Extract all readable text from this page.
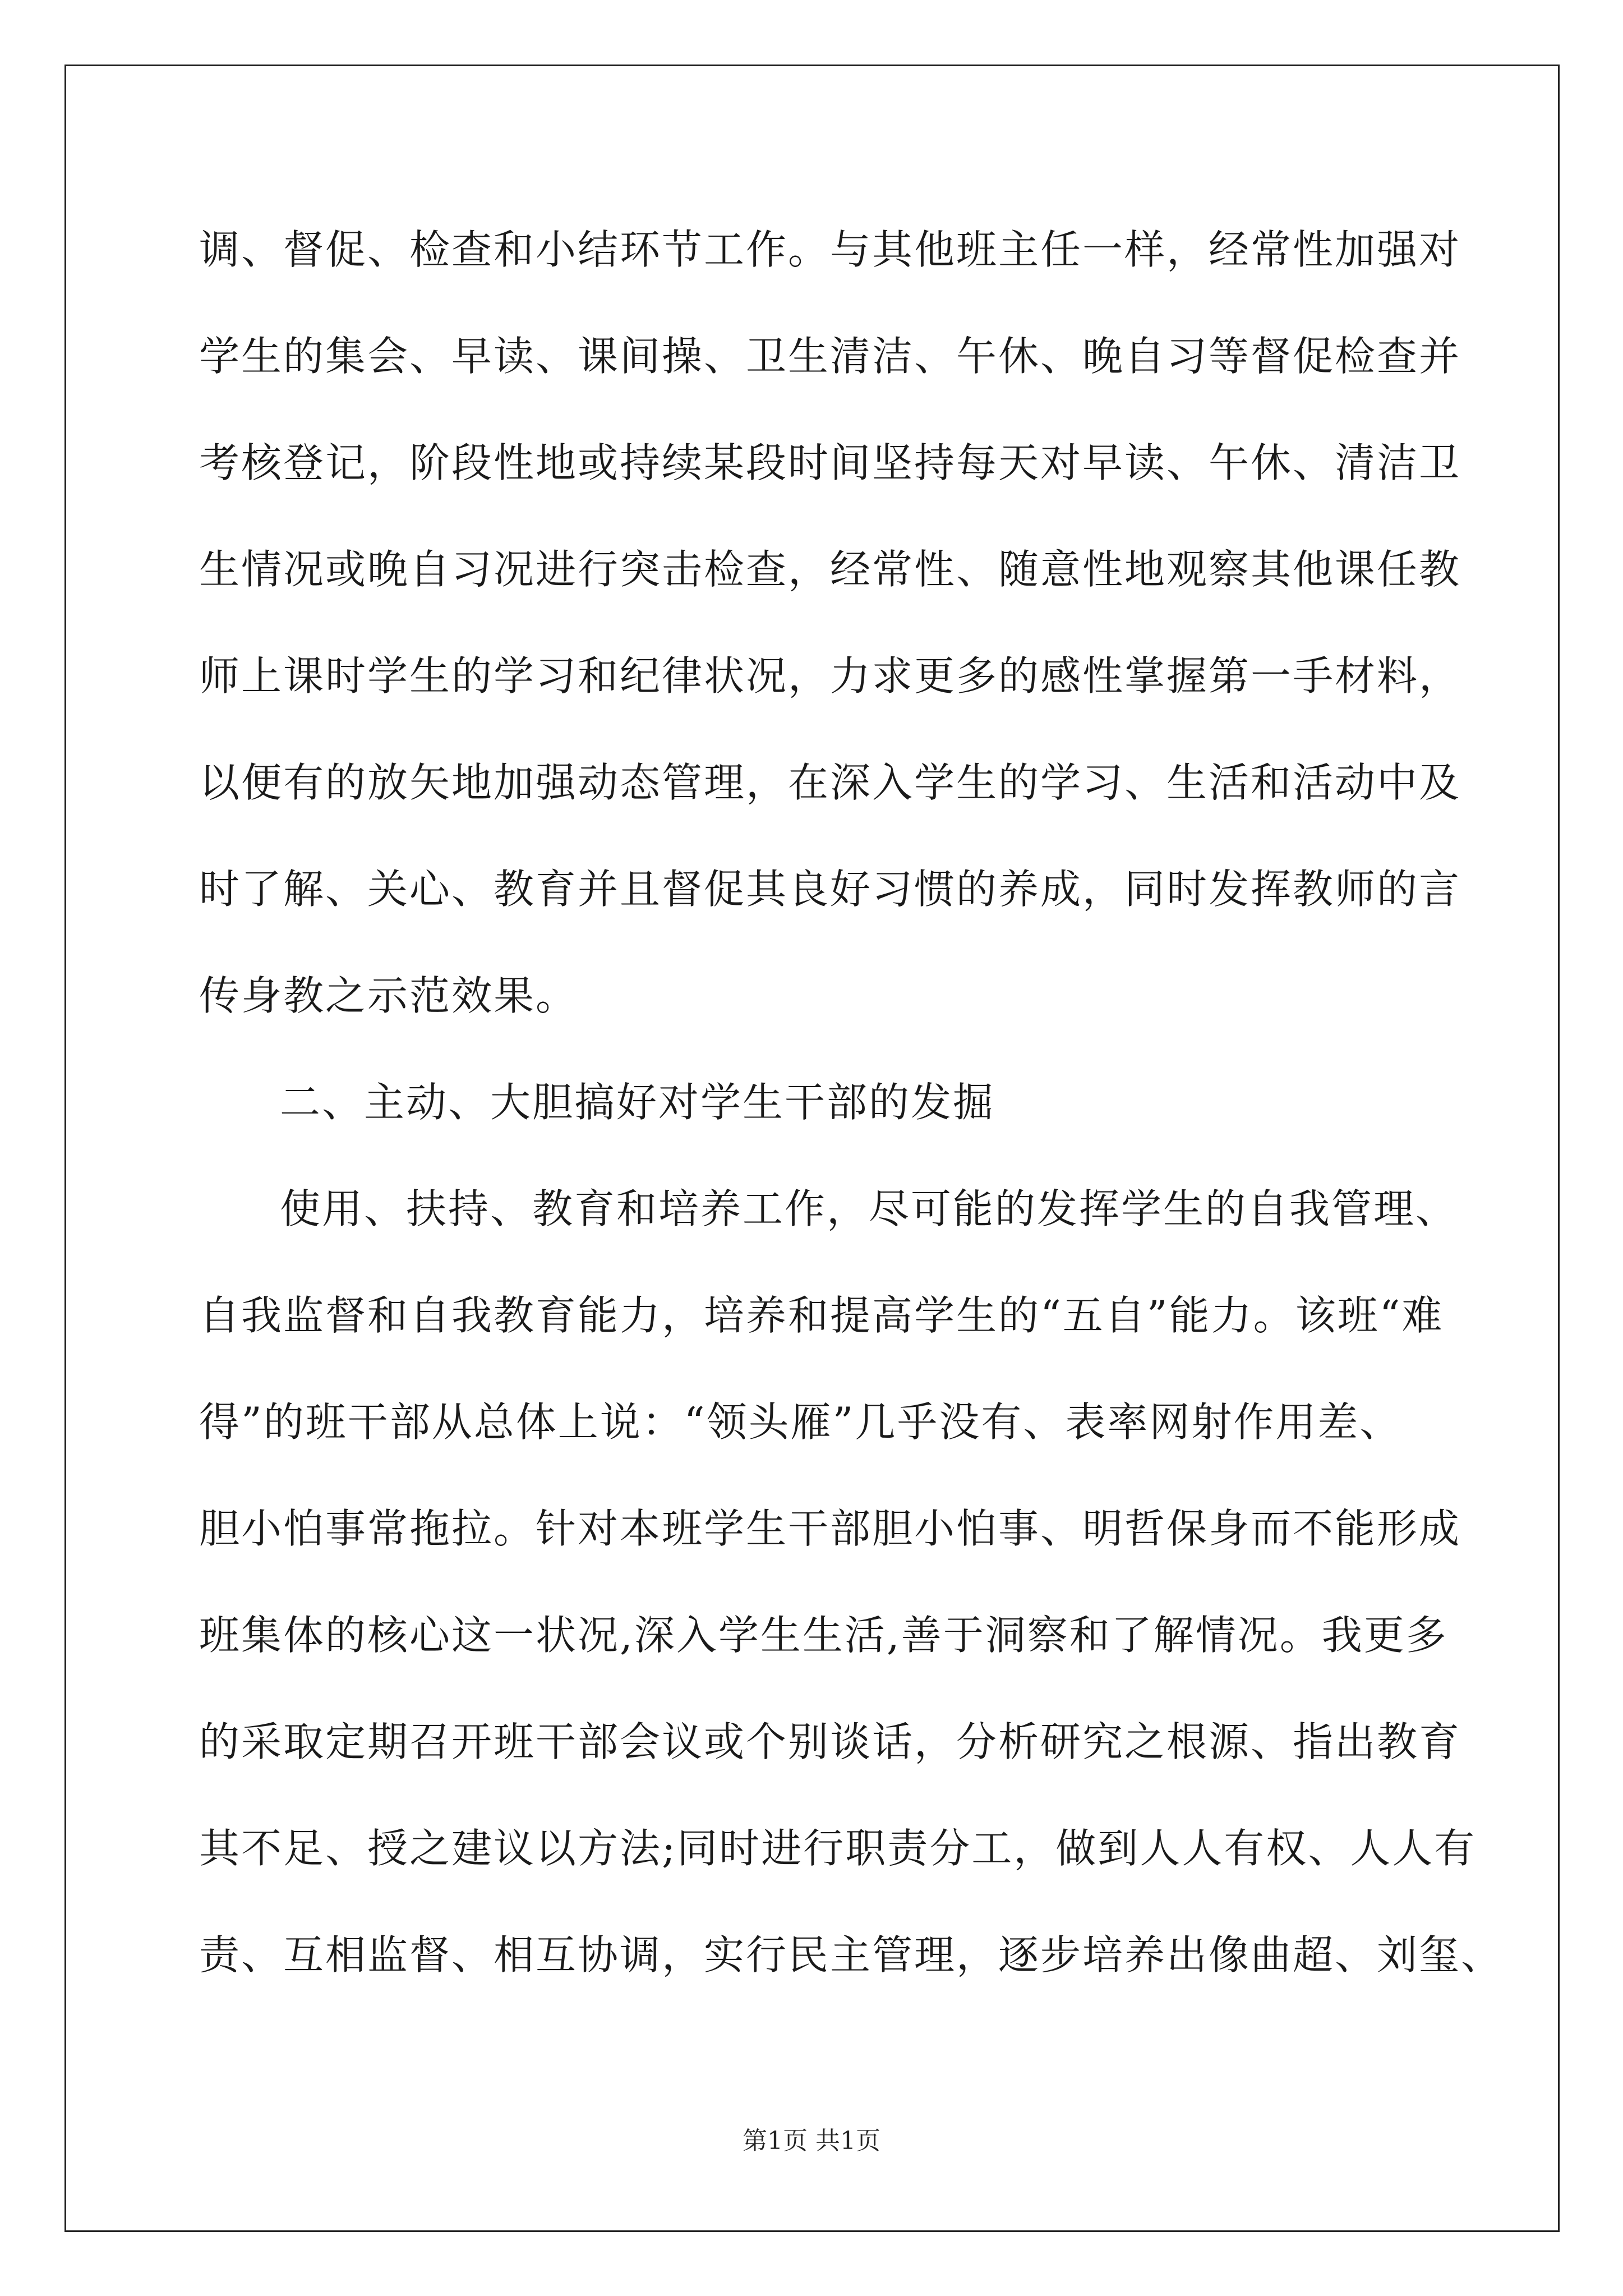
调、督促、检查和小结环节工作。与其他班主任一样，经常性加强对
学生的集会、早读、课间操、卫生清洁、午休、晚自习等督促检查并
考核登记，阶段性地或持续某段时间坚持每天对早读、午休、清洁卫
生情况或晚自习况进行突击检查，经常性、随意性地观察其他课任教
师上课时学生的学习和纪律状况，力求更多的感性掌握第一手材料，
以便有的放矢地加强动态管理，在深入学生的学习、生活和活动中及
时了解、关心、教育并且督促其良好习惯的养成，同时发挥教师的言
传身教之示范效果。
二、主动、大胆搞好对学生干部的发掘
使用、扶持、教育和培养工作，尽可能的发挥学生的自我管理、
自我监督和自我教育能力，培养和提高学生的“五自”能力。该班“难
得”的班干部从总体上说：“领头雁”几乎没有、表率网射作用差、
胆小怕事常拖拉。针对本班学生干部胆小怕事、明哲保身而不能形成
班集体的核心这一状况,深入学生生活,善于洞察和了解情况。我更多
的采取定期召开班干部会议或个别谈话，分析研究之根源、指出教育
其不足、授之建议以方法;同时进行职责分工，做到人人有权、人人有
责、互相监督、相互协调，实行民主管理，逐步培养出像曲超、刘玺、
第1页 共1页
